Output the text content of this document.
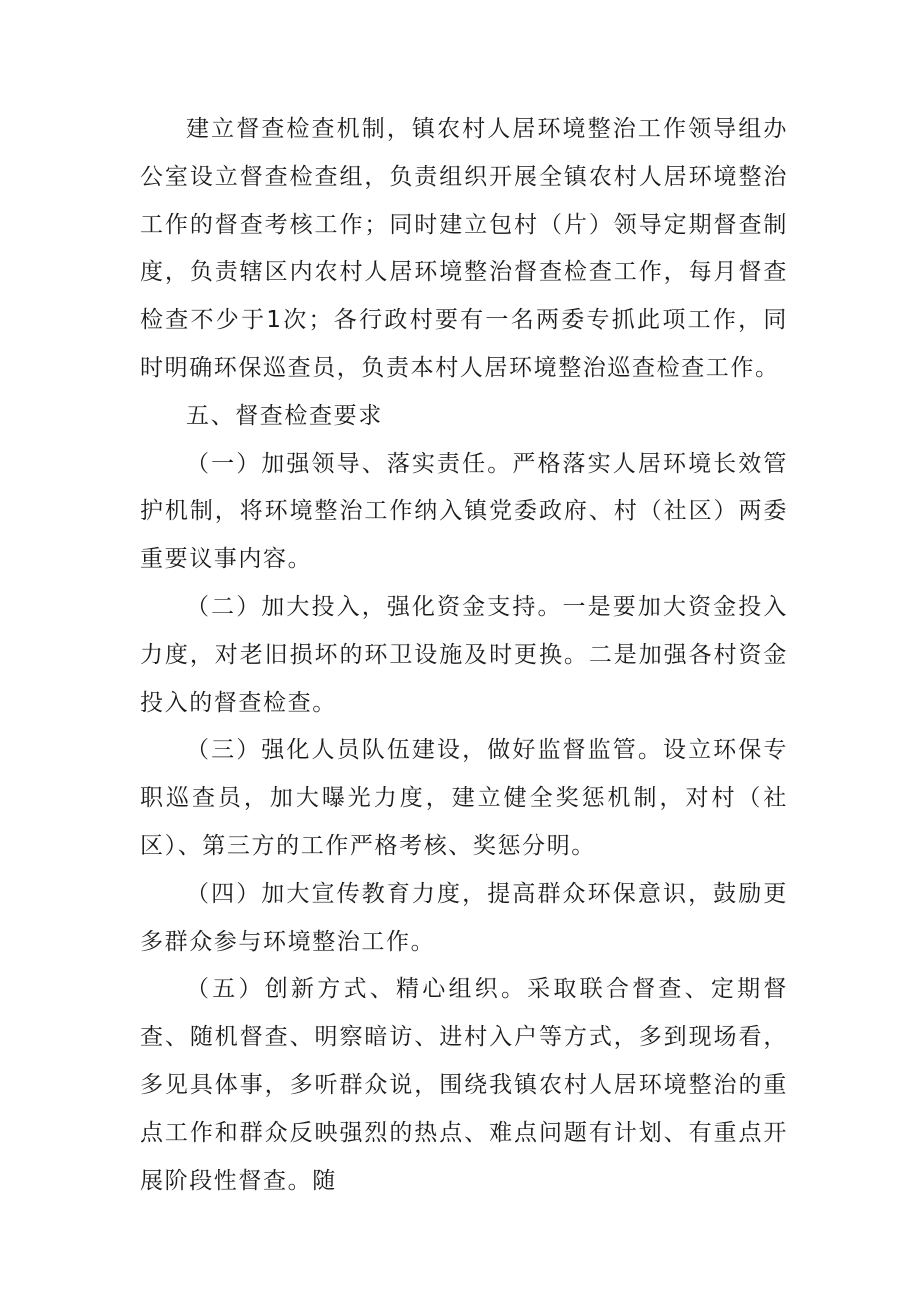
建立督查检查机制，镇农村人居环境整治工作领导组办公室设立督查检查组，负责组织开展全镇农村人居环境整治工作的督查考核工作；同时建立包村（片）领导定期督查制度，负责辖区内农村人居环境整治督查检查工作，每月督查检查不少于1次；各行政村要有一名两委专抓此项工作，同时明确环保巡查员，负责本村人居环境整治巡查检查工作。

五、督查检查要求

（一）加强领导、落实责任。严格落实人居环境长效管护机制，将环境整治工作纳入镇党委政府、村（社区）两委重要议事内容。

（二）加大投入，强化资金支持。一是要加大资金投入力度，对老旧损坏的环卫设施及时更换。二是加强各村资金投入的督查检查。

（三）强化人员队伍建设，做好监督监管。设立环保专职巡查员，加大曝光力度，建立健全奖惩机制，对村（社区）、第三方的工作严格考核、奖惩分明。

（四）加大宣传教育力度，提高群众环保意识，鼓励更多群众参与环境整治工作。

（五）创新方式、精心组织。采取联合督查、定期督查、随机督查、明察暗访、进村入户等方式，多到现场看，多见具体事，多听群众说，围绕我镇农村人居环境整治的重点工作和群众反映强烈的热点、难点问题有计划、有重点开展阶段性督查。随
